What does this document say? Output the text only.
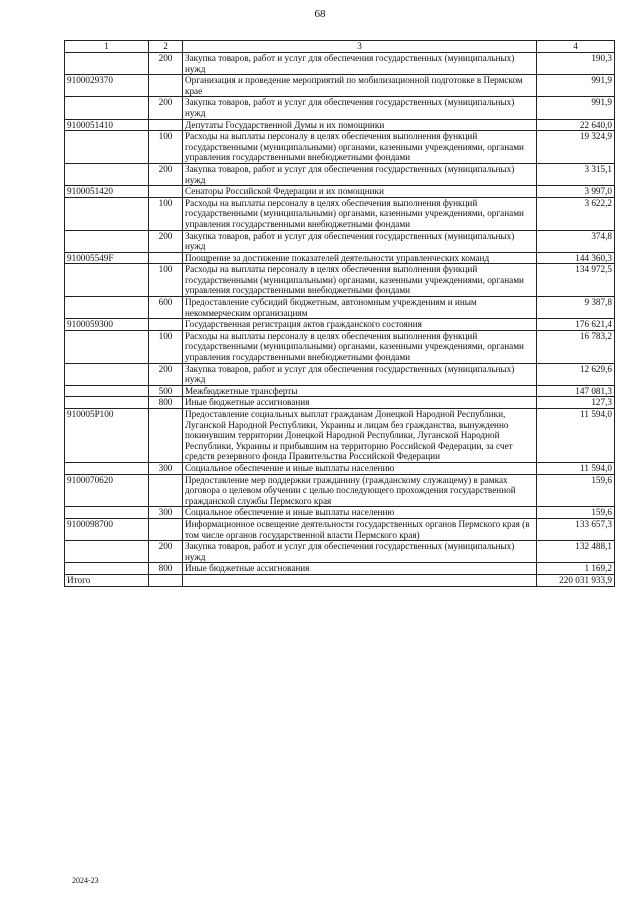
68
1	2	3	4
	200	Закупка товаров, работ и услуг для обеспечения государственных (муниципальных) нужд	190,3
9100029370		Организация и проведение мероприятий по мобилизационной подготовке в Пермском крае	991,9
	200	Закупка товаров, работ и услуг для обеспечения государственных (муниципальных) нужд	991,9
9100051410		Депутаты Государственной Думы и их помощники	22 640,0
	100	Расходы на выплаты персоналу в целях обеспечения выполнения функций государственными (муниципальными) органами, казенными учреждениями, органами управления государственными внебюджетными фондами	19 324,9
	200	Закупка товаров, работ и услуг для обеспечения государственных (муниципальных) нужд	3 315,1
9100051420		Сенаторы Российской Федерации и их помощники	3 997,0
	100	Расходы на выплаты персоналу в целях обеспечения выполнения функций государственными (муниципальными) органами, казенными учреждениями, органами управления государственными внебюджетными фондами	3 622,2
	200	Закупка товаров, работ и услуг для обеспечения государственных (муниципальных) нужд	374,8
910005549F		Поощрение за достижение показателей деятельности управленческих команд	144 360,3
	100	Расходы на выплаты персоналу в целях обеспечения выполнения функций государственными (муниципальными) органами, казенными учреждениями, органами управления государственными внебюджетными фондами	134 972,5
	600	Предоставление субсидий бюджетным, автономным учреждениям и иным некоммерческим организациям	9 387,8
9100059300		Государственная регистрация актов гражданского состояния	176 621,4
	100	Расходы на выплаты персоналу в целях обеспечения выполнения функций государственными (муниципальными) органами, казенными учреждениями, органами управления государственными внебюджетными фондами	16 783,2
	200	Закупка товаров, работ и услуг для обеспечения государственных (муниципальных) нужд	12 629,6
	500	Межбюджетные трансферты	147 081,3
	800	Иные бюджетные ассигнования	127,3
910005P100		Предоставление социальных выплат гражданам Донецкой Народной Республики, Луганской Народной Республики, Украины и лицам без гражданства, вынужденно покинувшим территории Донецкой Народной Республики, Луганской Народной Республики, Украины и прибывшим на территорию Российской Федерации, за счет средств резервного фонда Правительства Российской Федерации	11 594,0
	300	Социальное обеспечение и иные выплаты населению	11 594,0
9100070620		Предоставление мер поддержки гражданину (гражданскому служащему) в рамках договора о целевом обучении с целью последующего прохождения государственной гражданской службы Пермского края	159,6
	300	Социальное обеспечение и иные выплаты населению	159,6
9100098700		Информационное освещение деятельности государственных органов Пермского края (в том числе органов государственной власти Пермского края)	133 657,3
	200	Закупка товаров, работ и услуг для обеспечения государственных (муниципальных) нужд	132 488,1
	800	Иные бюджетные ассигнования	1 169,2
Итого			220 031 933,9
2024-23
